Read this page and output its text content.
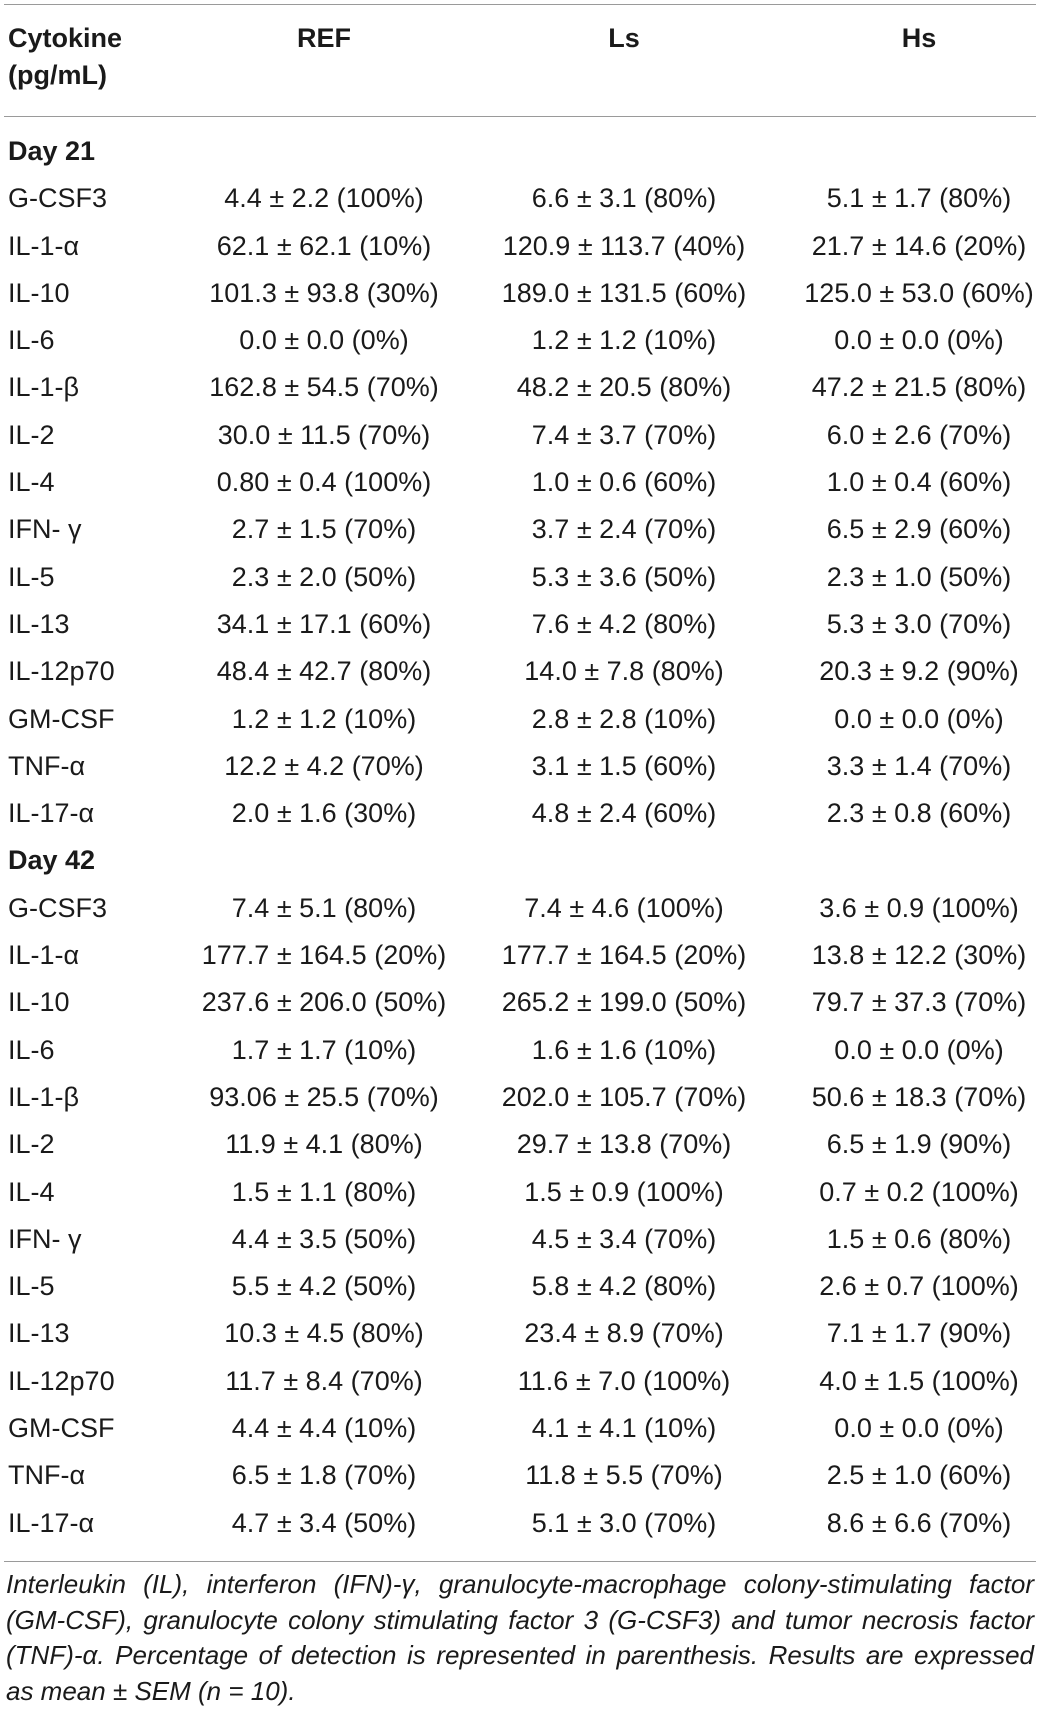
Cytokine
(pg/mL)
REF	Ls	Hs
Day 21
G-CSF3	4.4 ± 2.2 (100%)	6.6 ± 3.1 (80%)	5.1 ± 1.7 (80%)
IL-1-α	62.1 ± 62.1 (10%)	120.9 ± 113.7 (40%)	21.7 ± 14.6 (20%)
IL-10	101.3 ± 93.8 (30%)	189.0 ± 131.5 (60%)	125.0 ± 53.0 (60%)
IL-6	0.0 ± 0.0 (0%)	1.2 ± 1.2 (10%)	0.0 ± 0.0 (0%)
IL-1-β	162.8 ± 54.5 (70%)	48.2 ± 20.5 (80%)	47.2 ± 21.5 (80%)
IL-2	30.0 ± 11.5 (70%)	7.4 ± 3.7 (70%)	6.0 ± 2.6 (70%)
IL-4	0.80 ± 0.4 (100%)	1.0 ± 0.6 (60%)	1.0 ± 0.4 (60%)
IFN- γ	2.7 ± 1.5 (70%)	3.7 ± 2.4 (70%)	6.5 ± 2.9 (60%)
IL-5	2.3 ± 2.0 (50%)	5.3 ± 3.6 (50%)	2.3 ± 1.0 (50%)
IL-13	34.1 ± 17.1 (60%)	7.6 ± 4.2 (80%)	5.3 ± 3.0 (70%)
IL-12p70	48.4 ± 42.7 (80%)	14.0 ± 7.8 (80%)	20.3 ± 9.2 (90%)
GM-CSF	1.2 ± 1.2 (10%)	2.8 ± 2.8 (10%)	0.0 ± 0.0 (0%)
TNF-α	12.2 ± 4.2 (70%)	3.1 ± 1.5 (60%)	3.3 ± 1.4 (70%)
IL-17-α	2.0 ± 1.6 (30%)	4.8 ± 2.4 (60%)	2.3 ± 0.8 (60%)
Day 42
G-CSF3	7.4 ± 5.1 (80%)	7.4 ± 4.6 (100%)	3.6 ± 0.9 (100%)
IL-1-α	177.7 ± 164.5 (20%)	177.7 ± 164.5 (20%)	13.8 ± 12.2 (30%)
IL-10	237.6 ± 206.0 (50%)	265.2 ± 199.0 (50%)	79.7 ± 37.3 (70%)
IL-6	1.7 ± 1.7 (10%)	1.6 ± 1.6 (10%)	0.0 ± 0.0 (0%)
IL-1-β	93.06 ± 25.5 (70%)	202.0 ± 105.7 (70%)	50.6 ± 18.3 (70%)
IL-2	11.9 ± 4.1 (80%)	29.7 ± 13.8 (70%)	6.5 ± 1.9 (90%)
IL-4	1.5 ± 1.1 (80%)	1.5 ± 0.9 (100%)	0.7 ± 0.2 (100%)
IFN- γ	4.4 ± 3.5 (50%)	4.5 ± 3.4 (70%)	1.5 ± 0.6 (80%)
IL-5	5.5 ± 4.2 (50%)	5.8 ± 4.2 (80%)	2.6 ± 0.7 (100%)
IL-13	10.3 ± 4.5 (80%)	23.4 ± 8.9 (70%)	7.1 ± 1.7 (90%)
IL-12p70	11.7 ± 8.4 (70%)	11.6 ± 7.0 (100%)	4.0 ± 1.5 (100%)
GM-CSF	4.4 ± 4.4 (10%)	4.1 ± 4.1 (10%)	0.0 ± 0.0 (0%)
TNF-α	6.5 ± 1.8 (70%)	11.8 ± 5.5 (70%)	2.5 ± 1.0 (60%)
IL-17-α	4.7 ± 3.4 (50%)	5.1 ± 3.0 (70%)	8.6 ± 6.6 (70%)
Interleukin (IL), interferon (IFN)-γ, granulocyte-macrophage colony-stimulating factor (GM-CSF), granulocyte colony stimulating factor 3 (G-CSF3) and tumor necrosis factor (TNF)-α. Percentage of detection is represented in parenthesis. Results are expressed as mean ± SEM (n = 10).
